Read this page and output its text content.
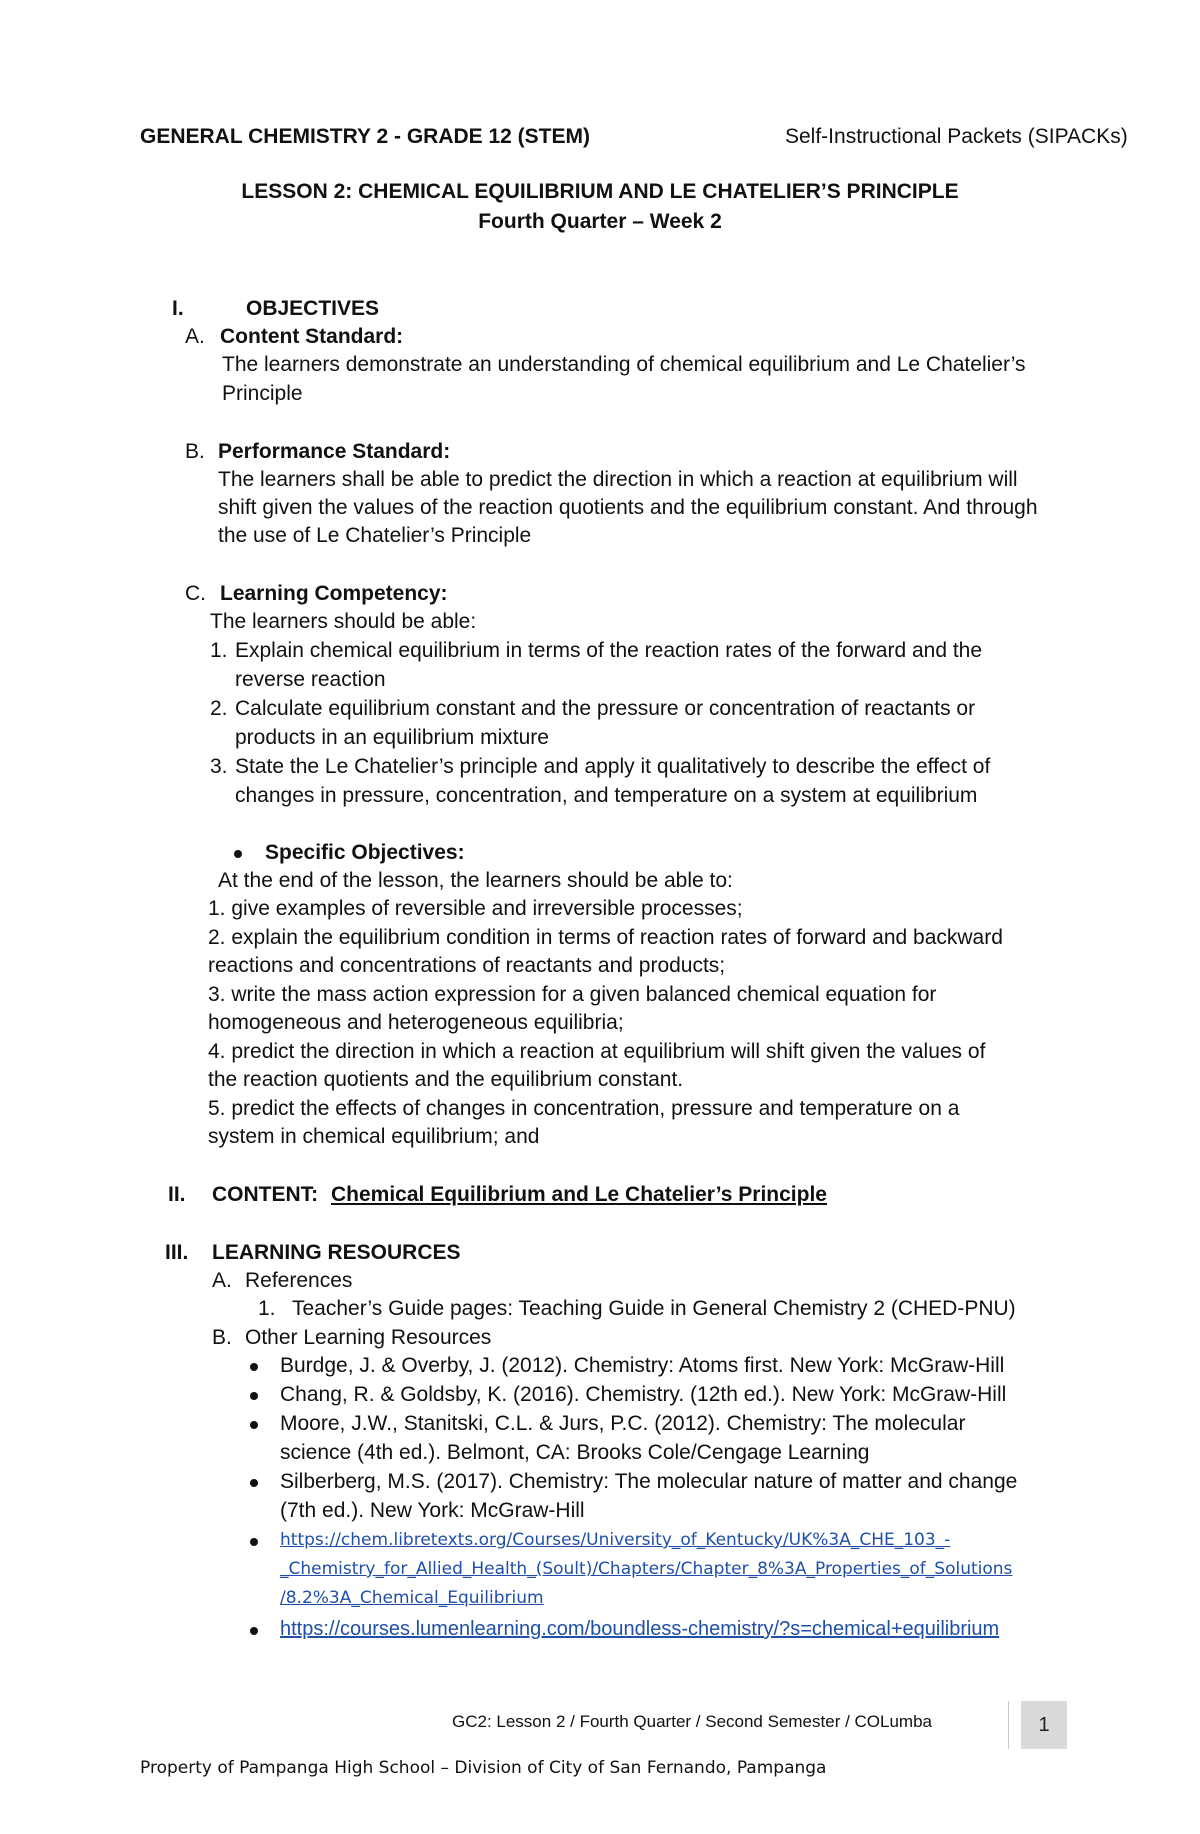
GENERAL CHEMISTRY 2 - GRADE 12 (STEM)	Self-Instructional Packets (SIPACKs)
LESSON 2: CHEMICAL EQUILIBRIUM AND LE CHATELIER’S PRINCIPLE
Fourth Quarter – Week 2
I.	OBJECTIVES
A. Content Standard:
The learners demonstrate an understanding of chemical equilibrium and Le Chatelier’s
Principle
B. Performance Standard:
The learners shall be able to predict the direction in which a reaction at equilibrium will
shift given the values of the reaction quotients and the equilibrium constant. And through
the use of Le Chatelier’s Principle
C. Learning Competency:
The learners should be able:
1. Explain chemical equilibrium in terms of the reaction rates of the forward and the
reverse reaction
2. Calculate equilibrium constant and the pressure or concentration of reactants or
products in an equilibrium mixture
3. State the Le Chatelier’s principle and apply it qualitatively to describe the effect of
changes in pressure, concentration, and temperature on a system at equilibrium
Specific Objectives:
At the end of the lesson, the learners should be able to:
1. give examples of reversible and irreversible processes;
2. explain the equilibrium condition in terms of reaction rates of forward and backward
reactions and concentrations of reactants and products;
3. write the mass action expression for a given balanced chemical equation for
homogeneous and heterogeneous equilibria;
4. predict the direction in which a reaction at equilibrium will shift given the values of
the reaction quotients and the equilibrium constant.
5. predict the effects of changes in concentration, pressure and temperature on a
system in chemical equilibrium; and
II. CONTENT: Chemical Equilibrium and Le Chatelier’s Principle
III. LEARNING RESOURCES
A. References
1. Teacher’s Guide pages: Teaching Guide in General Chemistry 2 (CHED-PNU)
B. Other Learning Resources
Burdge, J. & Overby, J. (2012). Chemistry: Atoms first. New York: McGraw-Hill
Chang, R. & Goldsby, K. (2016). Chemistry. (12th ed.). New York: McGraw-Hill
Moore, J.W., Stanitski, C.L. & Jurs, P.C. (2012). Chemistry: The molecular
science (4th ed.). Belmont, CA: Brooks Cole/Cengage Learning
Silberberg, M.S. (2017). Chemistry: The molecular nature of matter and change
(7th ed.). New York: McGraw-Hill
https://chem.libretexts.org/Courses/University_of_Kentucky/UK%3A_CHE_103_-
_Chemistry_for_Allied_Health_(Soult)/Chapters/Chapter_8%3A_Properties_of_Solutions
/8.2%3A_Chemical_Equilibrium
https://courses.lumenlearning.com/boundless-chemistry/?s=chemical+equilibrium
GC2: Lesson 2 / Fourth Quarter / Second Semester / COLumba	1
Property of Pampanga High School – Division of City of San Fernando, Pampanga
